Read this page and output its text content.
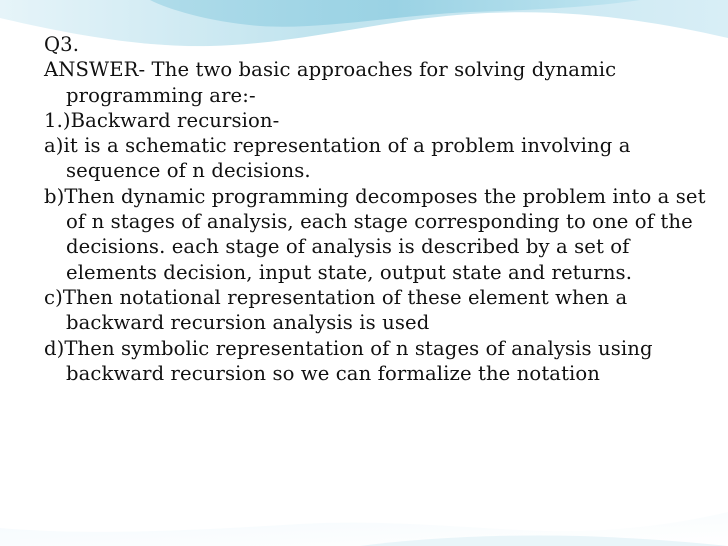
Q3.

ANSWER- The two basic approaches for solving dynamic programming are:-

1.)Backward recursion-

a)it is a schematic representation of a problem involving a sequence of n decisions.

b)Then dynamic programming decomposes the problem into a set of n stages of analysis, each stage corresponding to one of the decisions. each stage of analysis is described by a set of elements decision, input state, output state and returns.

c)Then notational representation of these element when a backward recursion analysis is used

d)Then symbolic representation of n stages of analysis using backward recursion so we can formalize the notation
